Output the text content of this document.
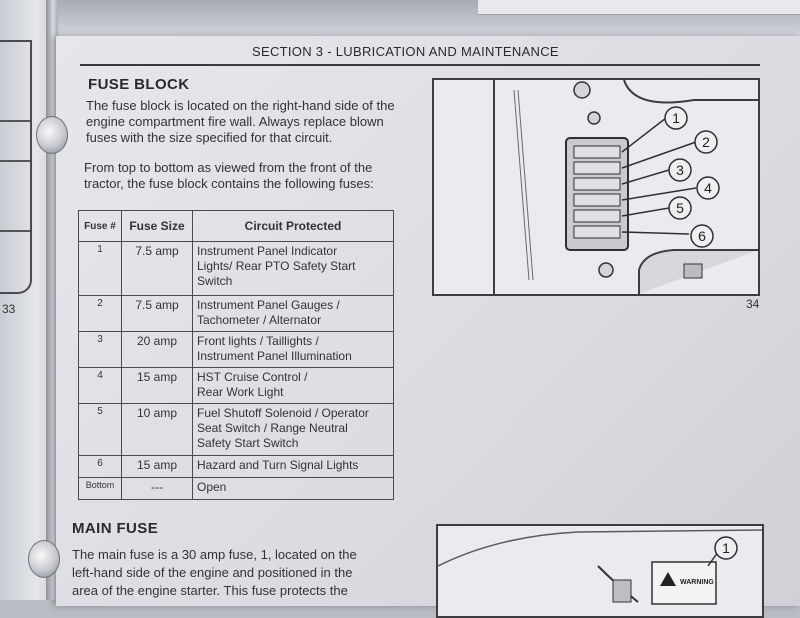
33
SECTION 3 - LUBRICATION AND MAINTENANCE
FUSE BLOCK
The fuse block is located on the right-hand side of the
engine compartment fire wall. Always replace blown
fuses with the size specified for that circuit.
From top to bottom as viewed from the front of the
tractor, the fuse block contains the following fuses:
Fuse #	Fuse Size	Circuit Protected
1	7.5 amp	Instrument Panel Indicator
Lights/ Rear PTO Safety Start
Switch

2	7.5 amp	Instrument Panel Gauges /
Tachometer / Alternator

3	20 amp	Front lights / Taillights /
Instrument Panel Illumination

4	15 amp	HST Cruise Control /
Rear Work Light

5	10 amp	Fuel Shutoff Solenoid / Operator
Seat Switch / Range Neutral
Safety Start Switch

6	15 amp	Hazard and Turn Signal Lights

Bottom	---	Open
1
2
3
4
5
6
34
MAIN FUSE
The main fuse is a 30 amp fuse, 1, located on the
left-hand side of the engine and positioned in the
area of the engine starter. This fuse protects the
WARNING
1
